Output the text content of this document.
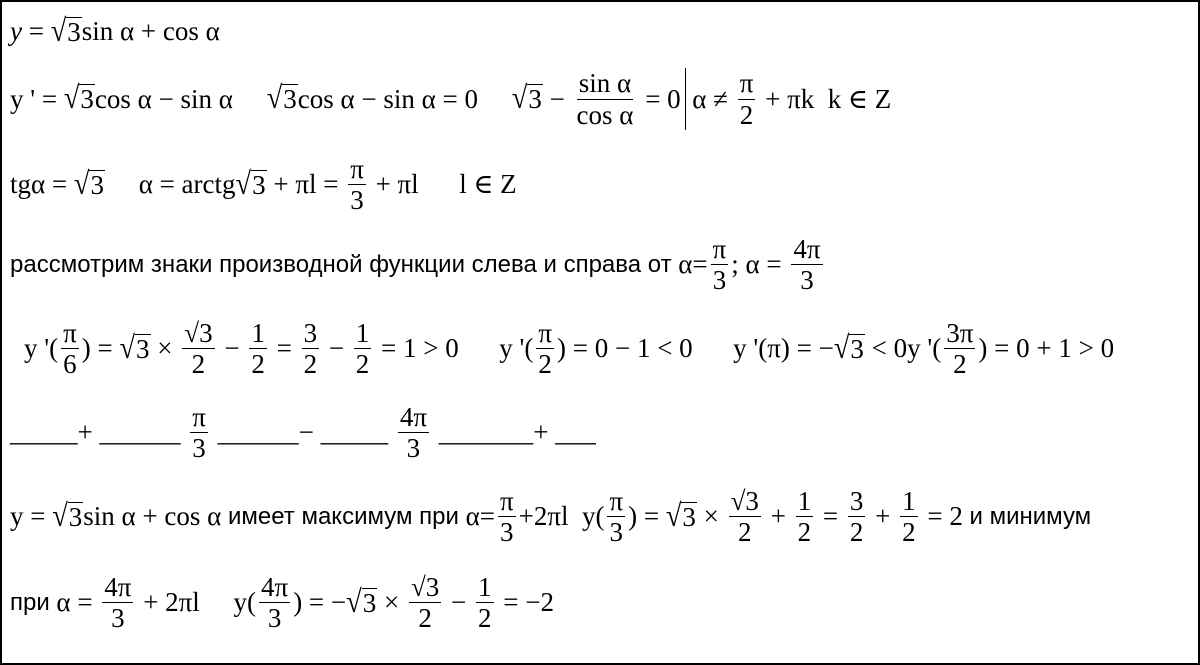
y = √ 3 sin α + cos α
y ' = √ 3 cos α − sin α √ 3 cos α − sin α = 0 √ $3 - \frac{\text{sin α}}{\text{cos α}} = 0$ $\alpha \ne \frac{\pi}{2} + \pi k$  k ∈ Z
tgα = √ 3 α = arctg √ $3 + \pi l = \frac{\pi}{3} + \pi l$      l ∈ Z
рассмотрим знаки производной функции слева и справа от $\alpha= \frac{\pi}{3}$ ; $\alpha = \frac{4\pi}{3}$
y '( $\frac{\pi}{6}$ ) = √ $3 \times \frac{√3}{2} - \frac{1}{2} = \frac{3}{2} - \frac{1}{2} = 1 > 0$      y '( $\frac{\pi}{2}$ ) = 0 − 1 < 0      y '(π) = − √ 3 < 0y '( $\frac{3\pi}{2}$ ) = 0 + 1 > 0
_____+ ______ $\frac{\pi}{3}$ ______− _____ $\frac{4\pi}{3}$ _______+ ___
y = √ 3 sin α + cos α имеет максимум при $\alpha= \frac{\pi}{3} +2\pi l$  $y( \frac{\pi}{3}$ ) = √ $3 \times \frac{√3}{2} + \frac{1}{2} = \frac{3}{2} + \frac{1}{2} = 2$ и минимум
при $\alpha = \frac{4\pi}{3} + 2\pi l$     $y( \frac{4\pi}{3}$ ) = − √ $3 \times \frac{√3}{2} - \frac{1}{2} = -2$
